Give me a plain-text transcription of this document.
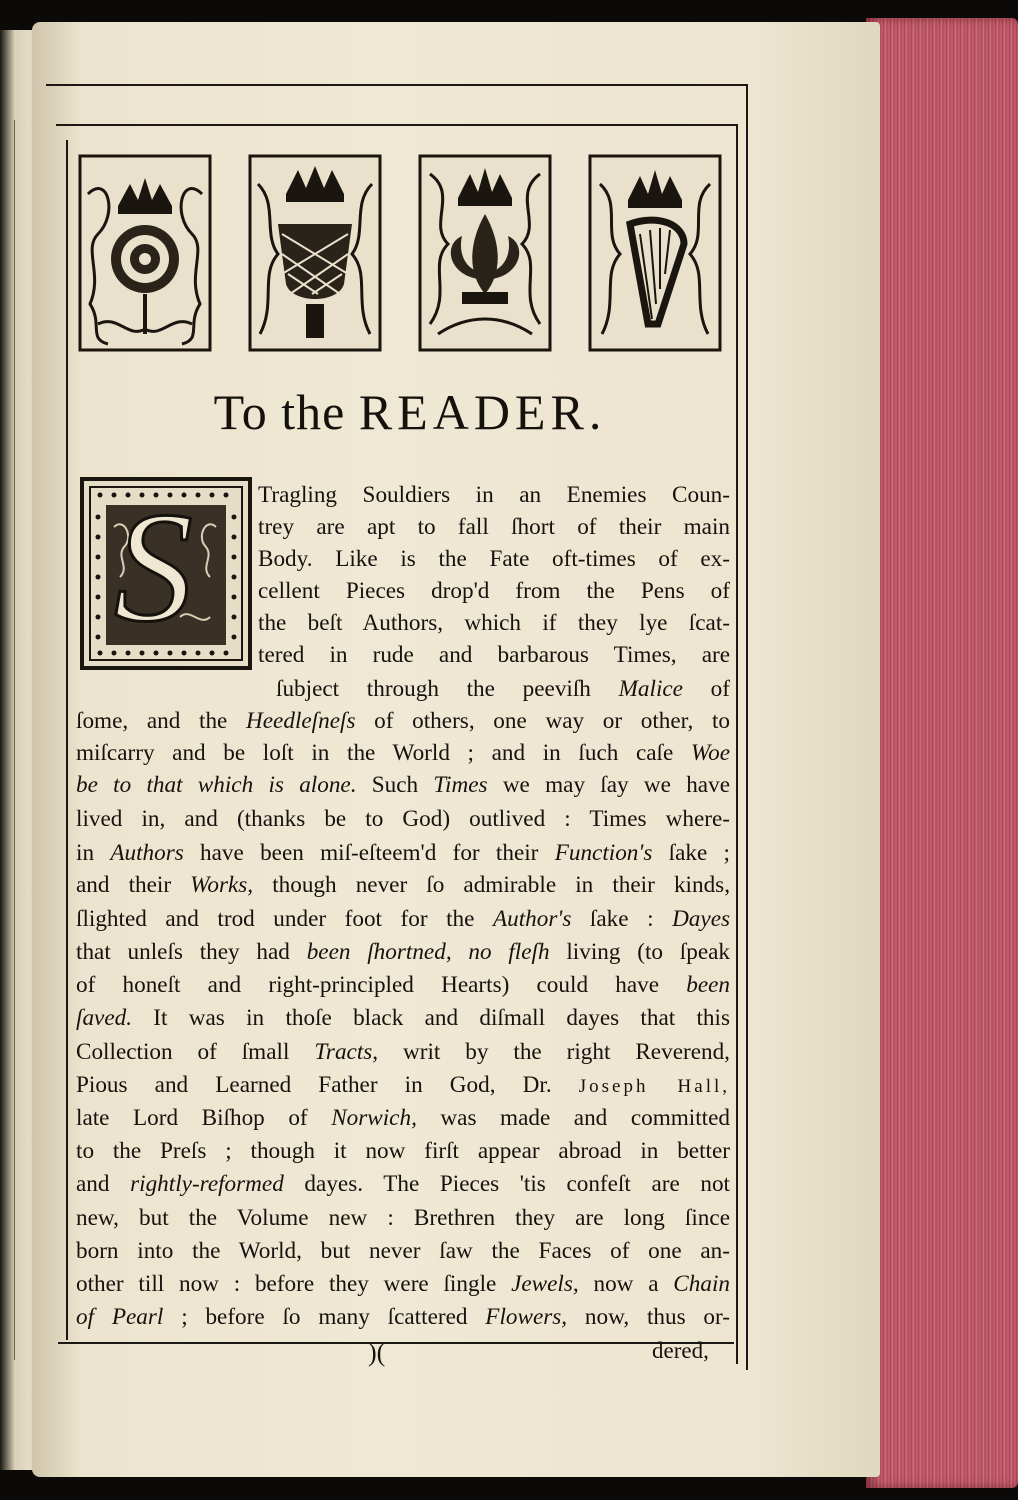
To the READER.
S	Tragling Souldiers in an Enemies Coun-
trey are apt to fall ſhort of their main
Body. Like is the Fate oft-times of ex-
cellent Pieces drop'd from the Pens of
the beſt Authors, which if they lye ſcat-
tered in rude and barbarous Times, are
ſubject through the peeviſh Malice of
ſome, and the Heedleſneſs of others, one way or other, to
miſcarry and be loſt in the World ; and in ſuch caſe Woe
be to that which is alone. Such Times we may ſay we have
lived in, and (thanks be to God) outlived : Times where-
in Authors have been miſ-eſteem'd for their Function's ſake ;
and their Works, though never ſo admirable in their kinds,
ſlighted and trod under foot for the Author's ſake : Dayes
that unleſs they had been ſhortned, no fleſh living (to ſpeak
of honeſt and right-principled Hearts) could have been
ſaved. It was in thoſe black and diſmall dayes that this
Collection of ſmall Tracts, writ by the right Reverend,
Pious and Learned Father in God, Dr. Joseph Hall,
late Lord Biſhop of Norwich, was made and committed
to the Preſs ; though it now firſt appear abroad in better
and rightly-reformed dayes. The Pieces 'tis confeſt are not
new, but the Volume new : Brethren they are long ſince
born into the World, but never ſaw the Faces of one an-
other till now : before they were ſingle Jewels, now a Chain
of Pearl ; before ſo many ſcattered Flowers, now, thus or-
)(	dered,
